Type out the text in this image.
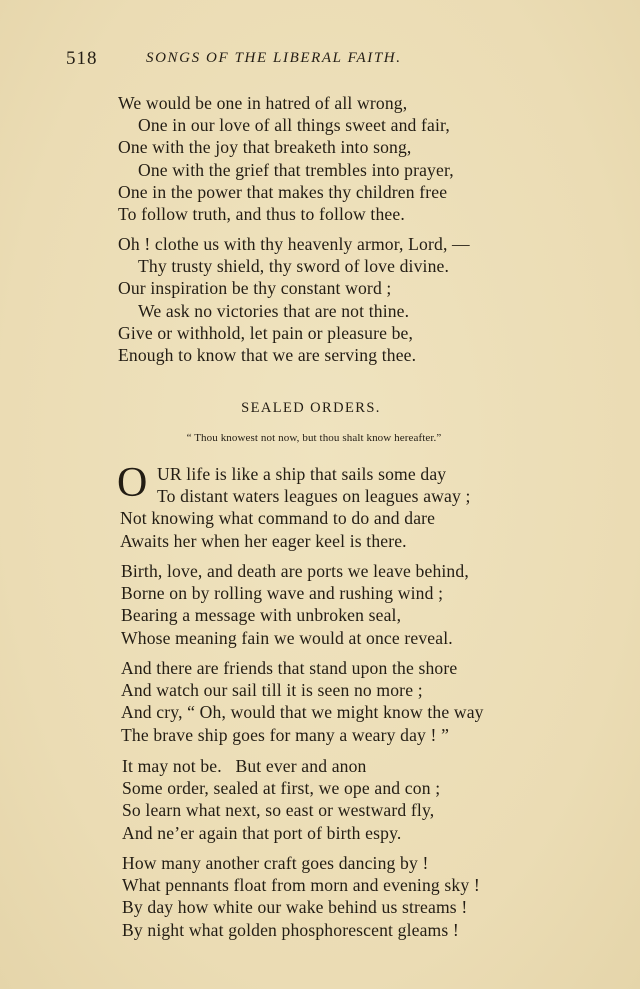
518	SONGS OF THE LIBERAL FAITH.
We would be one in hatred of all wrong,
One in our love of all things sweet and fair,
One with the joy that breaketh into song,
One with the grief that trembles into prayer,
One in the power that makes thy children free
To follow truth, and thus to follow thee.
Oh ! clothe us with thy heavenly armor, Lord, —
Thy trusty shield, thy sword of love divine.
Our inspiration be thy constant word ;
We ask no victories that are not thine.
Give or withhold, let pain or pleasure be,
Enough to know that we are serving thee.
SEALED ORDERS.
“ Thou knowest not now, but thou shalt know hereafter.”
O UR life is like a ship that sails some day
To distant waters leagues on leagues away ;
Not knowing what command to do and dare
Awaits her when her eager keel is there.
Birth, love, and death are ports we leave behind,
Borne on by rolling wave and rushing wind ;
Bearing a message with unbroken seal,
Whose meaning fain we would at once reveal.
And there are friends that stand upon the shore
And watch our sail till it is seen no more ;
And cry, “ Oh, would that we might know the way
The brave ship goes for many a weary day ! ”
It may not be.   But ever and anon
Some order, sealed at first, we ope and con ;
So learn what next, so east or westward fly,
And ne’er again that port of birth espy.
How many another craft goes dancing by !
What pennants float from morn and evening sky !
By day how white our wake behind us streams !
By night what golden phosphorescent gleams !
